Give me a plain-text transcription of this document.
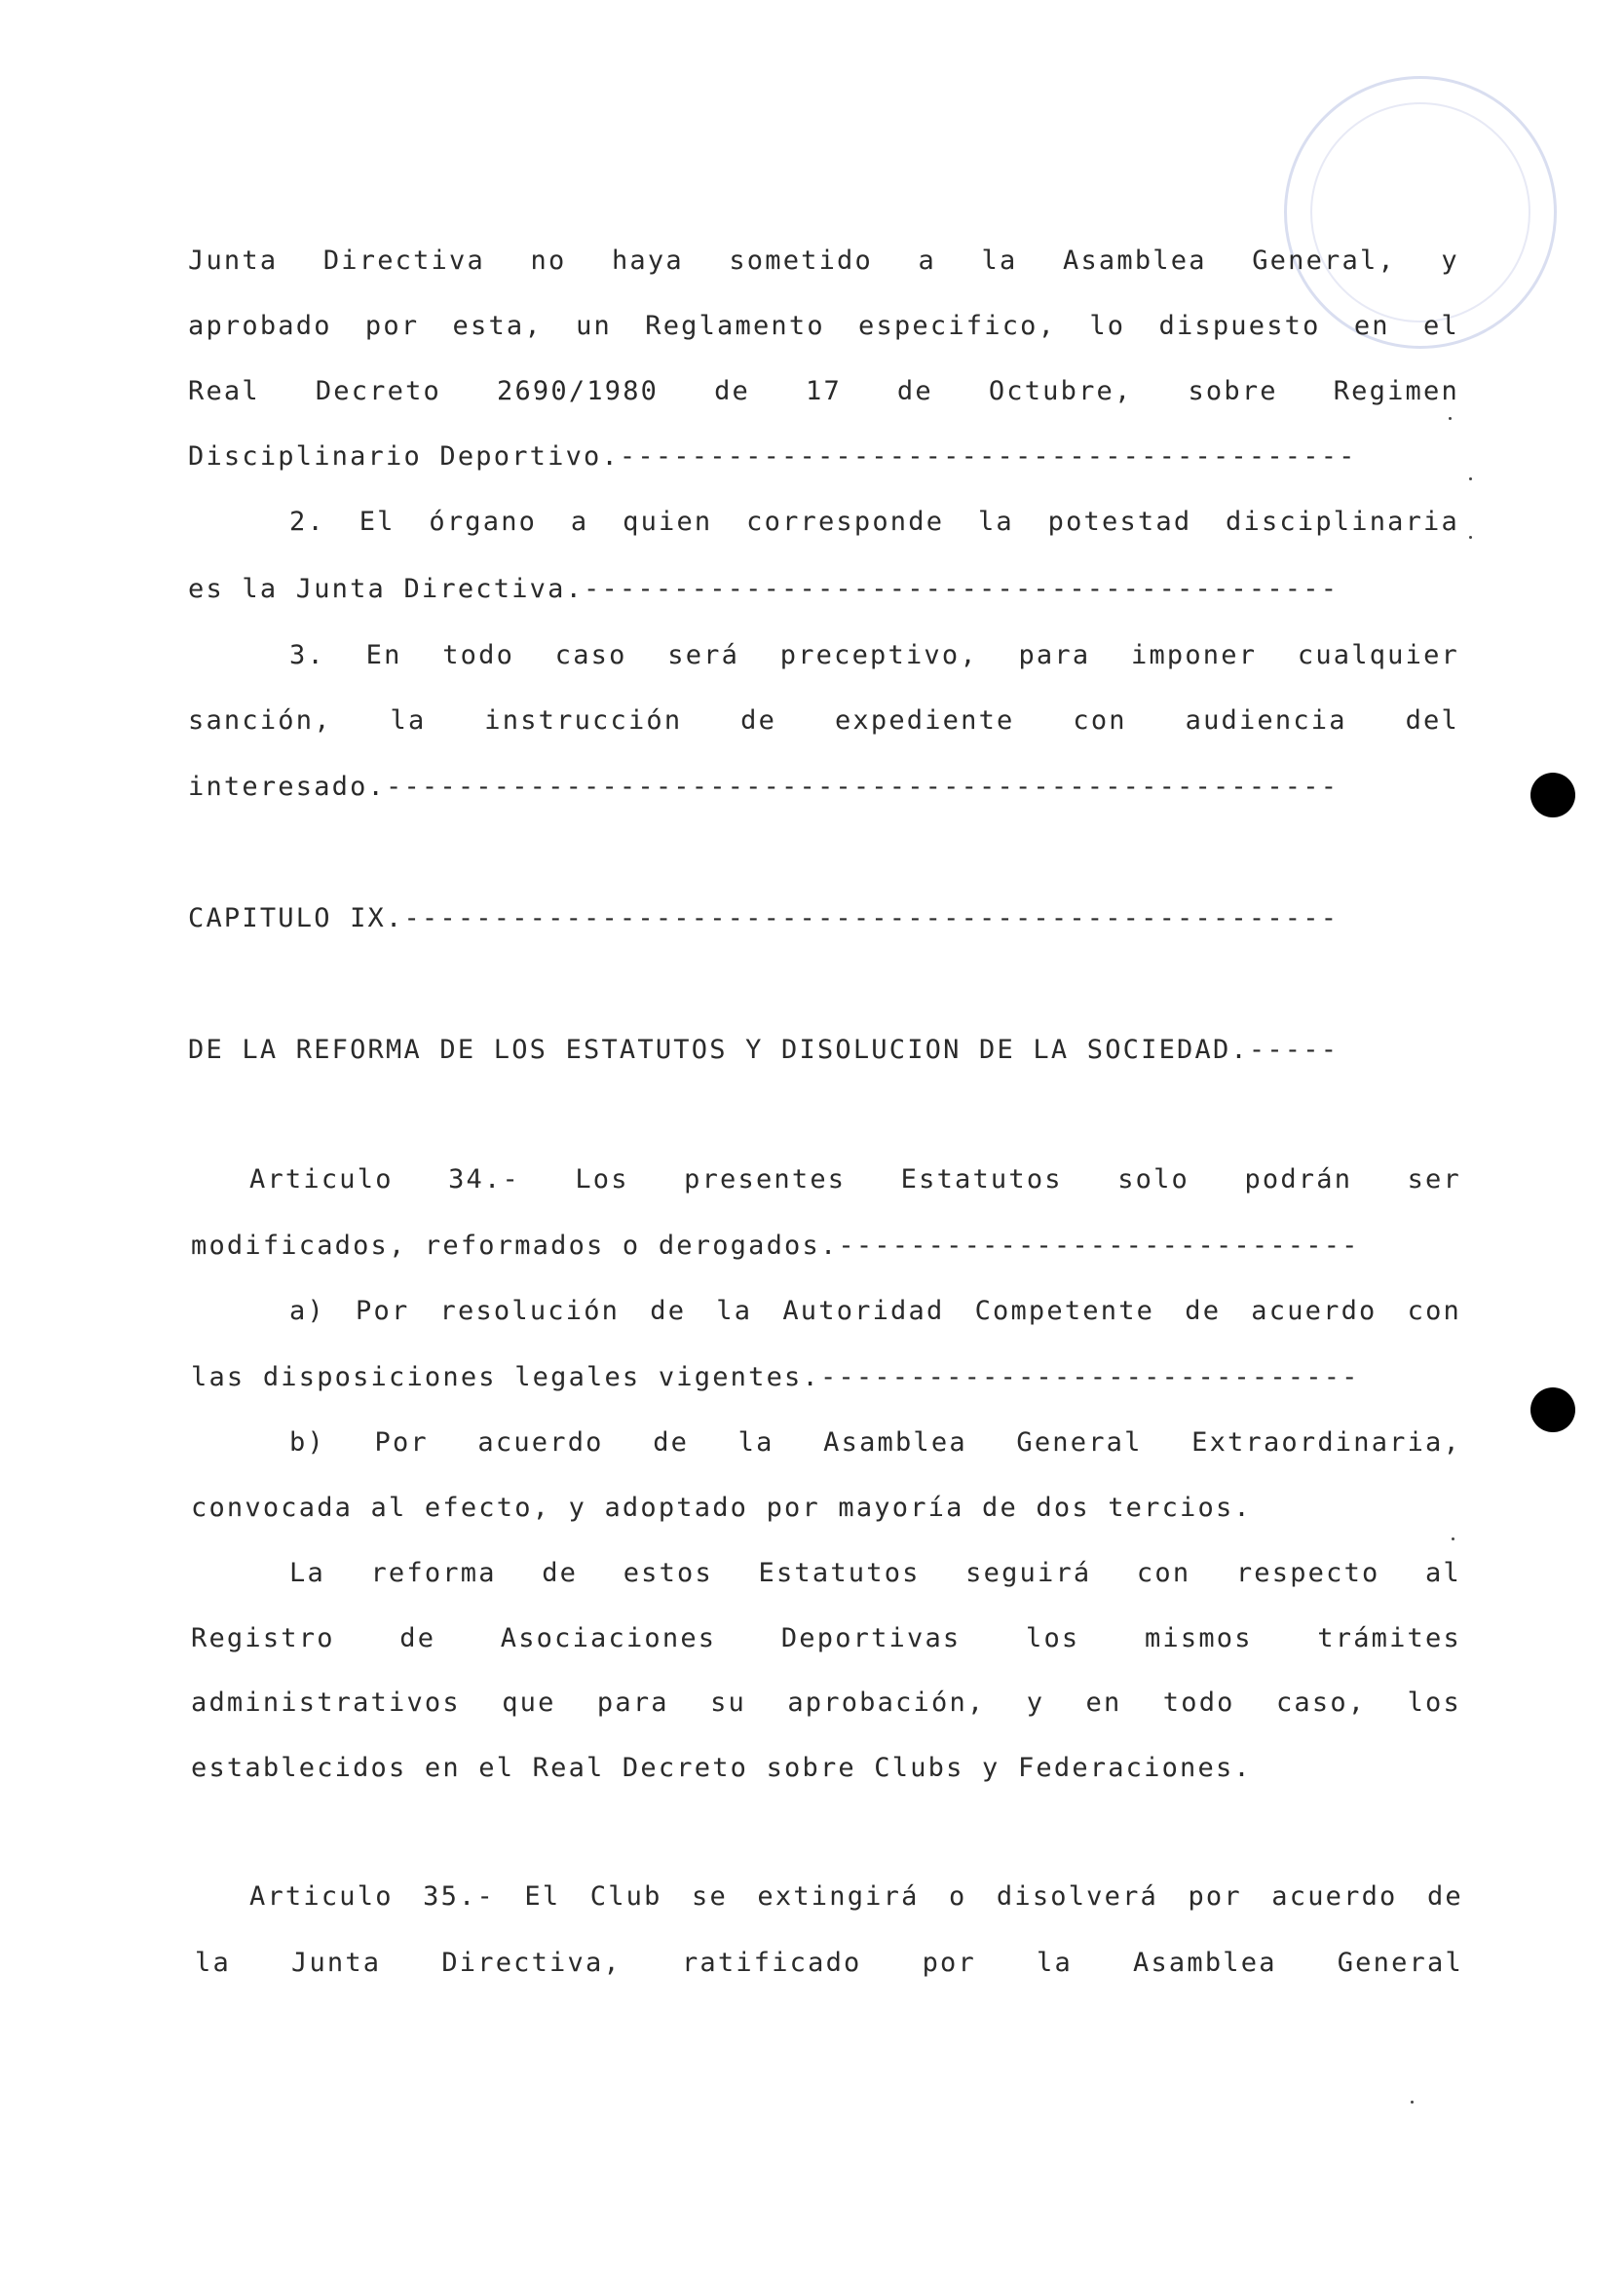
Junta Directiva no haya sometido a la Asamblea General, y
aprobado por esta, un Reglamento especifico, lo dispuesto en el
Real Decreto 2690/1980 de 17 de Octubre, sobre Regimen

Disciplinario Deportivo.-----------------------------------------

2. El órgano a quien corresponde la potestad disciplinaria

es la Junta Directiva.------------------------------------------

3. En todo caso será preceptivo, para imponer cualquier
sanción, la instrucción de expediente con audiencia del

interesado.-----------------------------------------------------

CAPITULO IX.----------------------------------------------------

DE LA REFORMA DE LOS ESTATUTOS Y DISOLUCION DE LA SOCIEDAD.-----

Articulo 34.- Los presentes Estatutos solo podrán ser

modificados, reformados o derogados.-----------------------------

a) Por resolución de la Autoridad Competente de acuerdo con

las disposiciones legales vigentes.------------------------------

b) Por acuerdo de la Asamblea General Extraordinaria,

convocada al efecto, y adoptado por mayoría de dos tercios.

La reforma de estos Estatutos seguirá con respecto al
Registro de Asociaciones Deportivas los mismos trámites
administrativos que para su aprobación, y en todo caso, los

establecidos en el Real Decreto sobre Clubs y Federaciones.

Articulo 35.- El Club se extingirá o disolverá por acuerdo de
la Junta Directiva, ratificado por la Asamblea General
